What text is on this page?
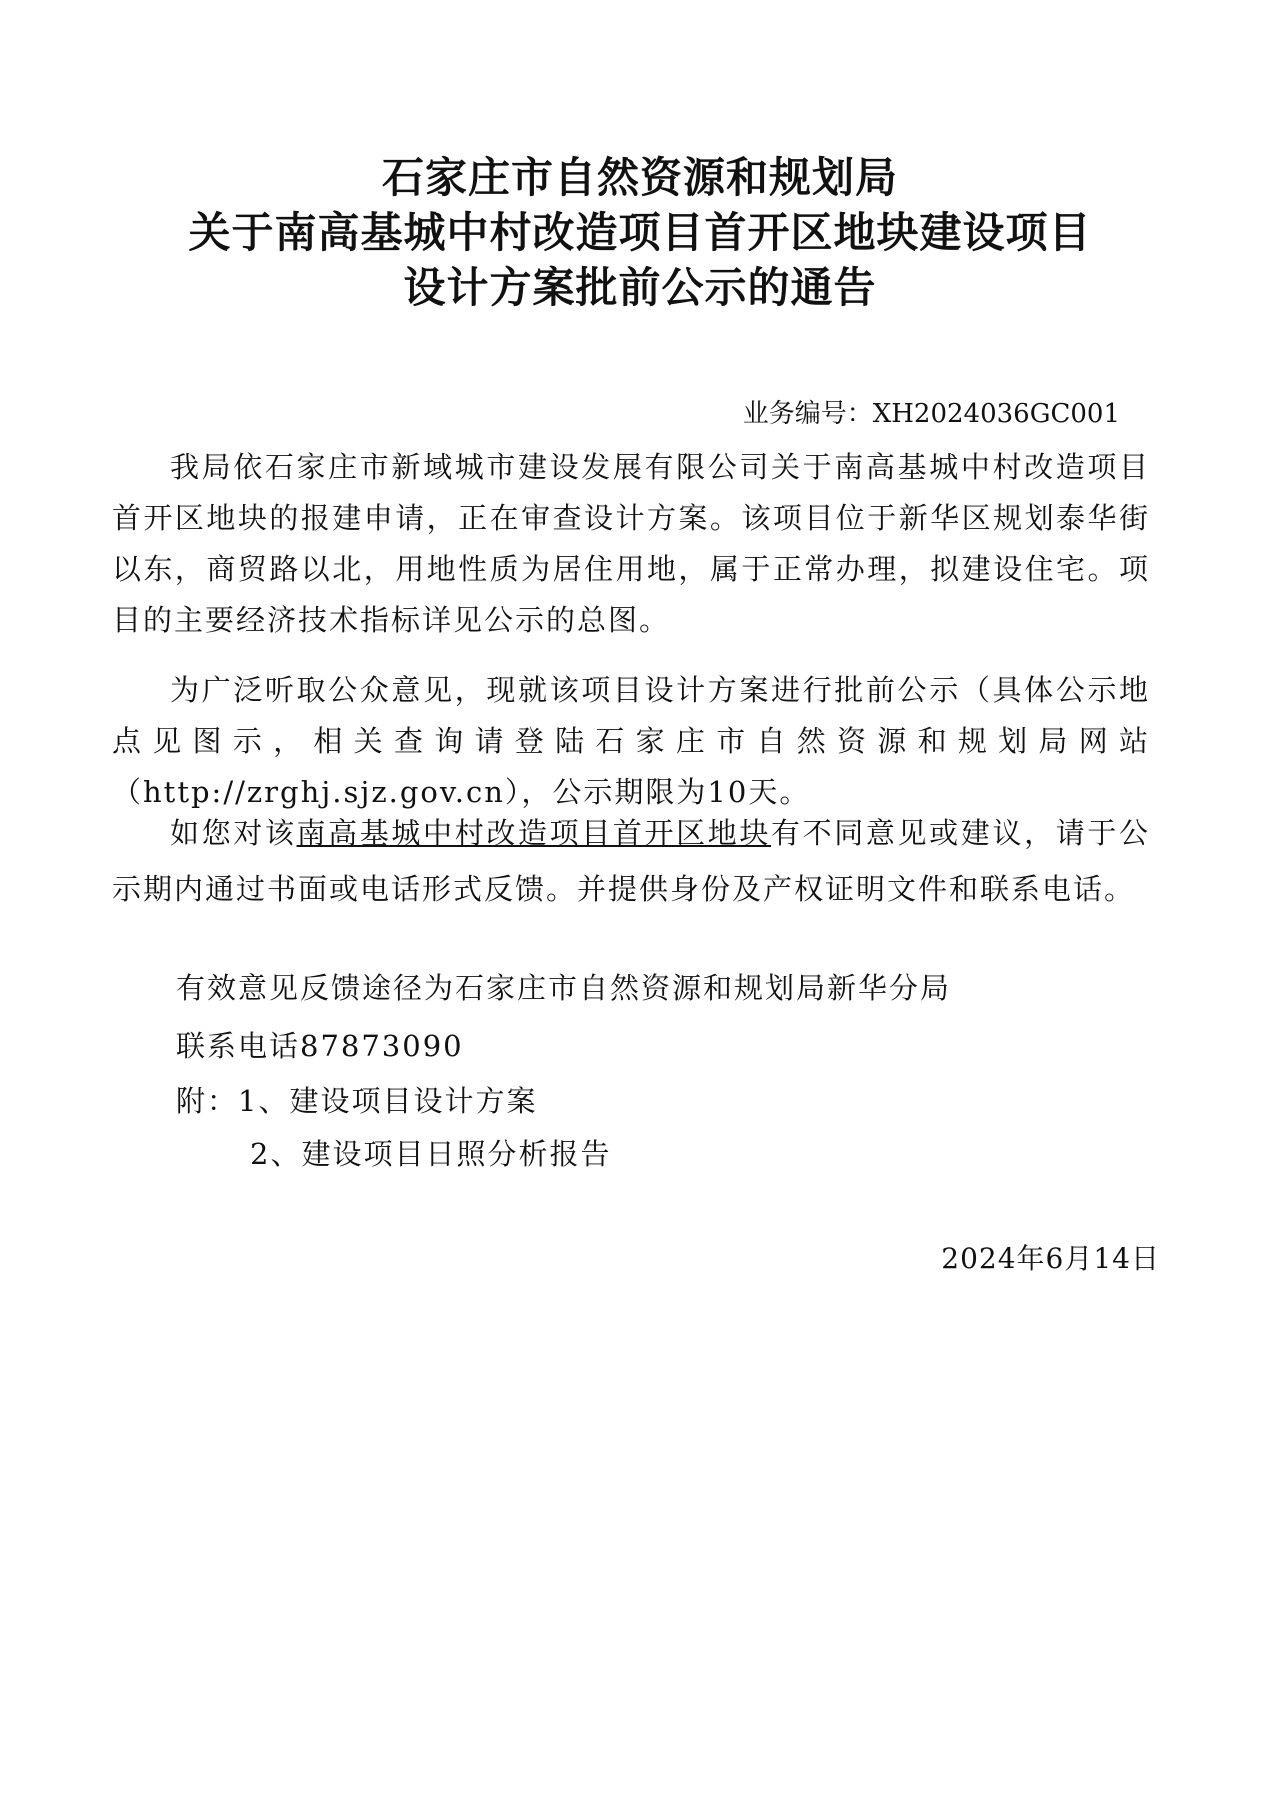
石家庄市自然资源和规划局
关于南高基城中村改造项目首开区地块建设项目
设计方案批前公示的通告
业务编号：XH2024036GC001
我局依石家庄市新域城市建设发展有限公司关于南高基城中村改造项目首开区地块的报建申请，正在审查设计方案。该项目位于新华区规划泰华街以东，商贸路以北，用地性质为居住用地，属于正常办理，拟建设住宅。项目的主要经济技术指标详见公示的总图。
为广泛听取公众意见，现就该项目设计方案进行批前公示（具体公示地点见图示，相关查询请登陆石家庄市自然资源和规划局网站（http://zrghj.sjz.gov.cn），公示期限为10天。
如您对该南高基城中村改造项目首开区地块有不同意见或建议，请于公示期内通过书面或电话形式反馈。并提供身份及产权证明文件和联系电话。
有效意见反馈途径为石家庄市自然资源和规划局新华分局
联系电话87873090
附：1、建设项目设计方案
2、建设项目日照分析报告
2024年6月14日
